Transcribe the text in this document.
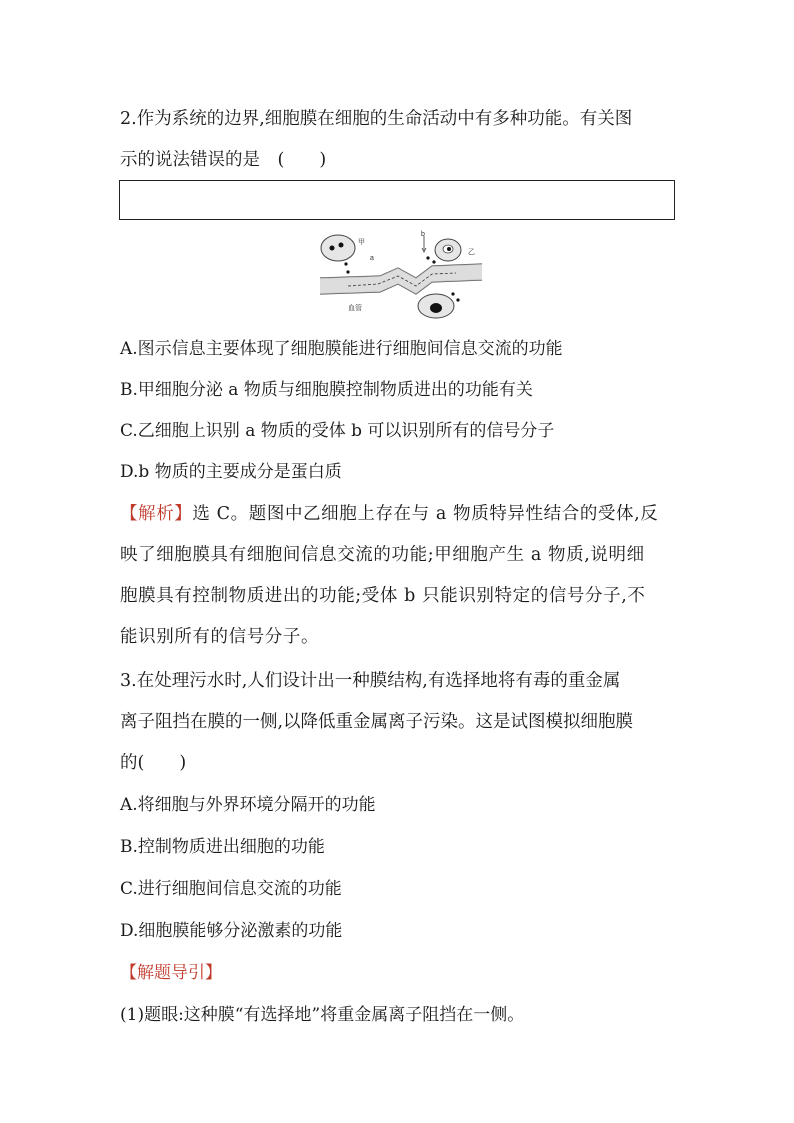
2.作为系统的边界,细胞膜在细胞的生命活动中有多种功能。有关图
示的说法错误的是　(　　)
甲
a
b
乙
血管
A.图示信息主要体现了细胞膜能进行细胞间信息交流的功能
B.甲细胞分泌 a 物质与细胞膜控制物质进出的功能有关
C.乙细胞上识别 a 物质的受体 b 可以识别所有的信号分子
D.b 物质的主要成分是蛋白质
【解析】选 C。题图中乙细胞上存在与 a 物质特异性结合的受体,反
映了细胞膜具有细胞间信息交流的功能;甲细胞产生 a 物质,说明细
胞膜具有控制物质进出的功能;受体 b 只能识别特定的信号分子,不
能识别所有的信号分子。
3.在处理污水时,人们设计出一种膜结构,有选择地将有毒的重金属
离子阻挡在膜的一侧,以降低重金属离子污染。这是试图模拟细胞膜
的(　　)
A.将细胞与外界环境分隔开的功能
B.控制物质进出细胞的功能
C.进行细胞间信息交流的功能
D.细胞膜能够分泌激素的功能
【解题导引】
(1)题眼:这种膜“有选择地”将重金属离子阻挡在一侧。
